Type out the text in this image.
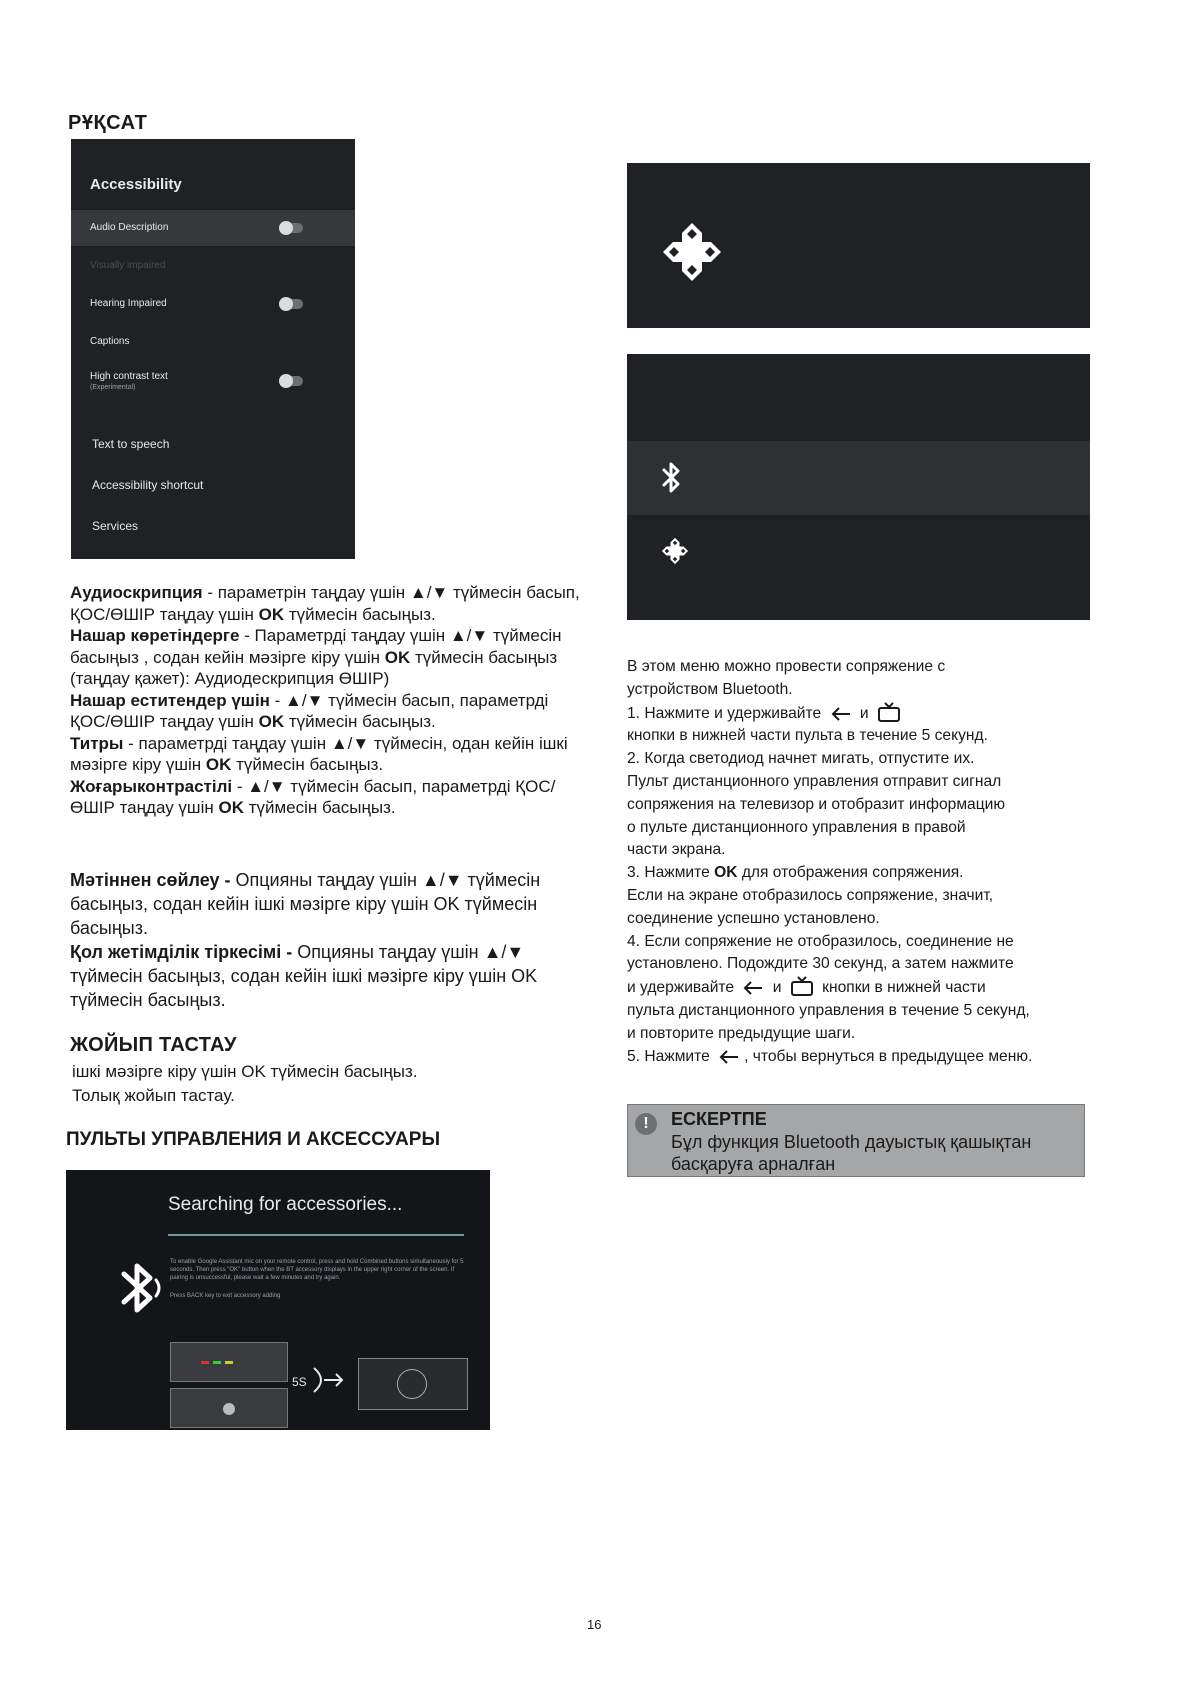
РҰҚСАТ
Accessibility
Audio Description
Visually impaired
Hearing Impaired
Captions
High contrast text
(Experimental)
Text to speech
Accessibility shortcut
Services

Аудиоскрипция - параметрін таңдау үшін ▲/▼ түймесін басып, ҚОС/ӨШІР таңдау үшін OK түймесін басыңыз.

Нашар көретіндерге - Параметрді таңдау үшін ▲/▼ түймесін басыңыз , содан кейін мәзірге кіру үшін OK түймесін басыңыз (таңдау қажет): Аудиодескрипция ӨШІР)

Нашар еститендер үшін - ▲/▼ түймесін басып, параметрді ҚОС/ӨШІР таңдау үшін OK түймесін басыңыз.

Титры - параметрді таңдау үшін ▲/▼ түймесін, одан кейін ішкі мәзірге кіру үшін OK түймесін басыңыз.

Жоғарыконтрастілі - ▲/▼ түймесін басып, параметрді ҚОС/ӨШІР таңдау үшін OK түймесін басыңыз.

Мәтіннен сөйлеу - Опцияны таңдау үшін ▲/▼ түймесін басыңыз, содан кейін ішкі мәзірге кіру үшін OK түймесін басыңыз.

Қол жетімділік тіркесімі - Опцияны таңдау үшін ▲/▼ түймесін басыңыз, содан кейін ішкі мәзірге кіру үшін OK түймесін басыңыз.

ЖОЙЫП ТАСТАУ
ішкі мәзірге кіру үшін OK түймесін басыңыз.
Толық жойып тастау.
ПУЛЬТЫ УПРАВЛЕНИЯ И АКСЕССУАРЫ
Searching for accessories...
To enable Google Assistant mic on your remote control, press and hold Combined buttons simultaneously for 5 seconds. Then press "OK" button when the BT accessory displays in the upper right corner of the screen. If pairing is unsuccessful, please wait a few minutes and try again.
Press BACK key to exit accessory adding
5S

В этом меню можно провести сопряжение с

устройством Bluetooth.

1. Нажмите и удерживайте и

кнопки в нижней части пульта в течение 5 секунд.

2. Когда светодиод начнет мигать, отпустите их.

Пульт дистанционного управления отправит сигнал

сопряжения на телевизор и отобразит информацию

о пульте дистанционного управления в правой

части экрана.

3. Нажмите OK для отображения сопряжения.

Если на экране отобразилось сопряжение, значит,

соединение успешно установлено.

4. Если сопряжение не отобразилось, соединение не

установлено. Подождите 30 секунд, а затем нажмите

и удерживайте и	кнопки в нижней части

пульта дистанционного управления в течение 5 секунд,

и повторите предыдущие шаги.

5. Нажмите , чтобы вернуться в предыдущее меню.

!	ЕСКЕРТПЕ
Бұл функция Bluetooth дауыстық қашықтан басқаруға арналған
16
